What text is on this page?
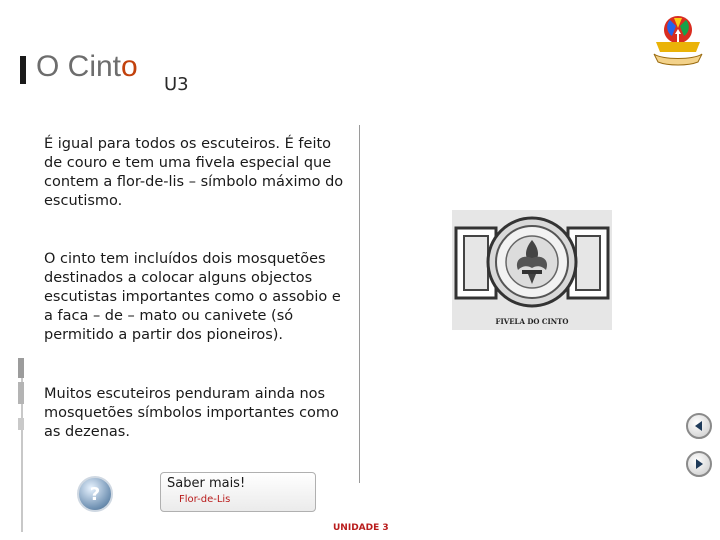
O Cinto
U3
É igual para todos os escuteiros. É feito de couro e tem uma fivela especial que contem a flor-de-lis – símbolo máximo do escutismo.
O cinto tem incluídos dois mosquetões destinados a colocar alguns objectos escutistas importantes como o assobio e a faca – de – mato ou canivete (só permitido a partir dos pioneiros).
Muitos escuteiros penduram ainda nos mosquetões símbolos importantes como as dezenas.
FIVELA DO CINTO
?	Saber mais!
Flor-de-Lis
UNIDADE 3
